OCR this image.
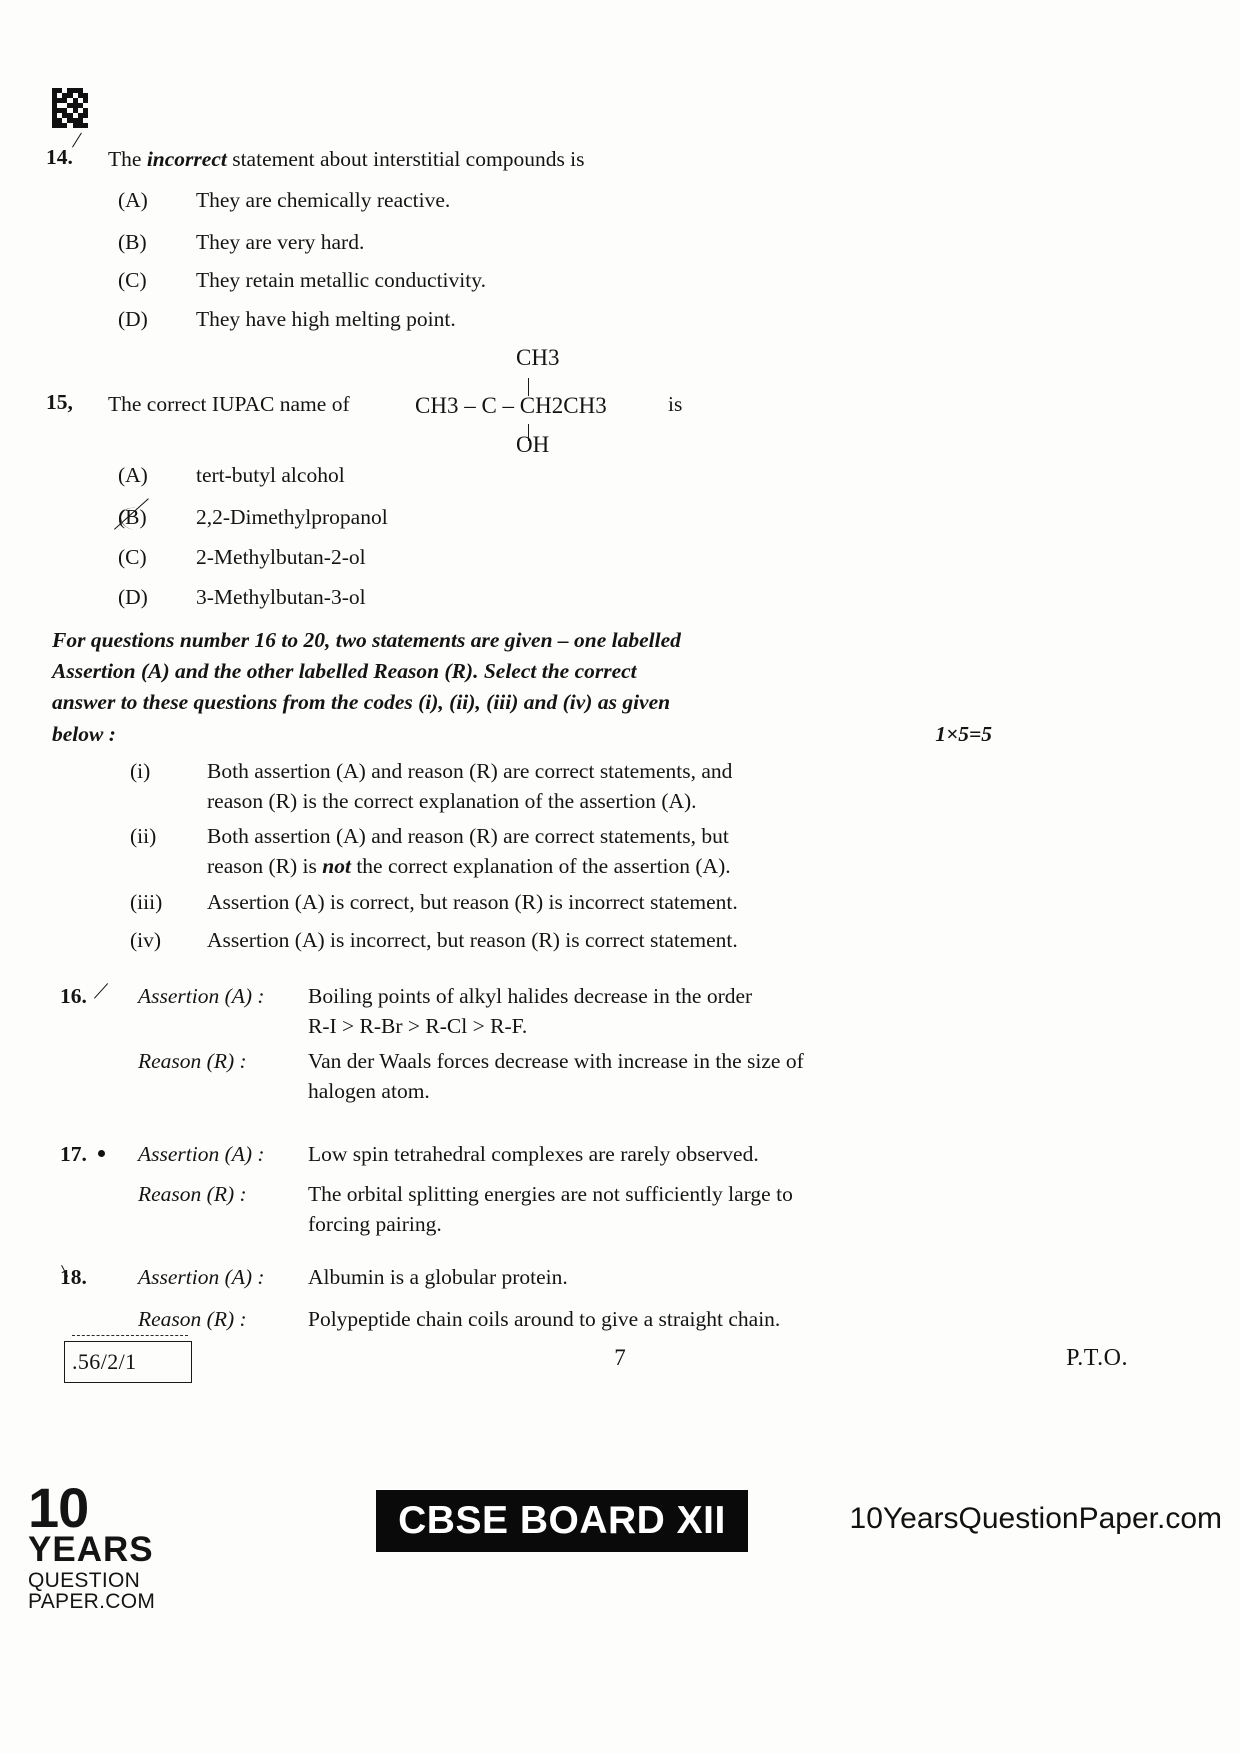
14.	The incorrect statement about interstitial compounds is
(A)	They are chemically reactive.
(B)	They are very hard.
(C)	They retain metallic conductivity.
(D)	They have high melting point.
15,	The correct IUPAC name of
CH3
CH3 – C – CH2CH3
OH
is
(A)	tert-butyl alcohol
(B)	2,2-Dimethylpropanol
(C)	2-Methylbutan-2-ol
(D)	3-Methylbutan-3-ol
For questions number 16 to 20, two statements are given – one labelled
Assertion (A) and the other labelled Reason (R). Select the correct
answer to these questions from the codes (i), (ii), (iii) and (iv) as given
below :	1×5=5
(i)	Both assertion (A) and reason (R) are correct statements, and
reason (R) is the correct explanation of the assertion (A).
(ii)	Both assertion (A) and reason (R) are correct statements, but
reason (R) is not the correct explanation of the assertion (A).
(iii)	Assertion (A) is correct, but reason (R) is incorrect statement.
(iv)	Assertion (A) is incorrect, but reason (R) is correct statement.
16.	Assertion (A) :	Boiling points of alkyl halides decrease in the order
R-I > R-Br > R-Cl > R-F.
Reason (R) :	Van der Waals forces decrease with increase in the size of
halogen atom.
17.	Assertion (A) :	Low spin tetrahedral complexes are rarely observed.
Reason (R) :	The orbital splitting energies are not sufficiently large to
forcing pairing.
18.	Assertion (A) :	Albumin is a globular protein.
Reason (R) :	Polypeptide chain coils around to give a straight chain.
.56/2/1	7	P.T.O.
10
YEARS
QUESTION PAPER.COM
CBSE BOARD XII	10YearsQuestionPaper.com
